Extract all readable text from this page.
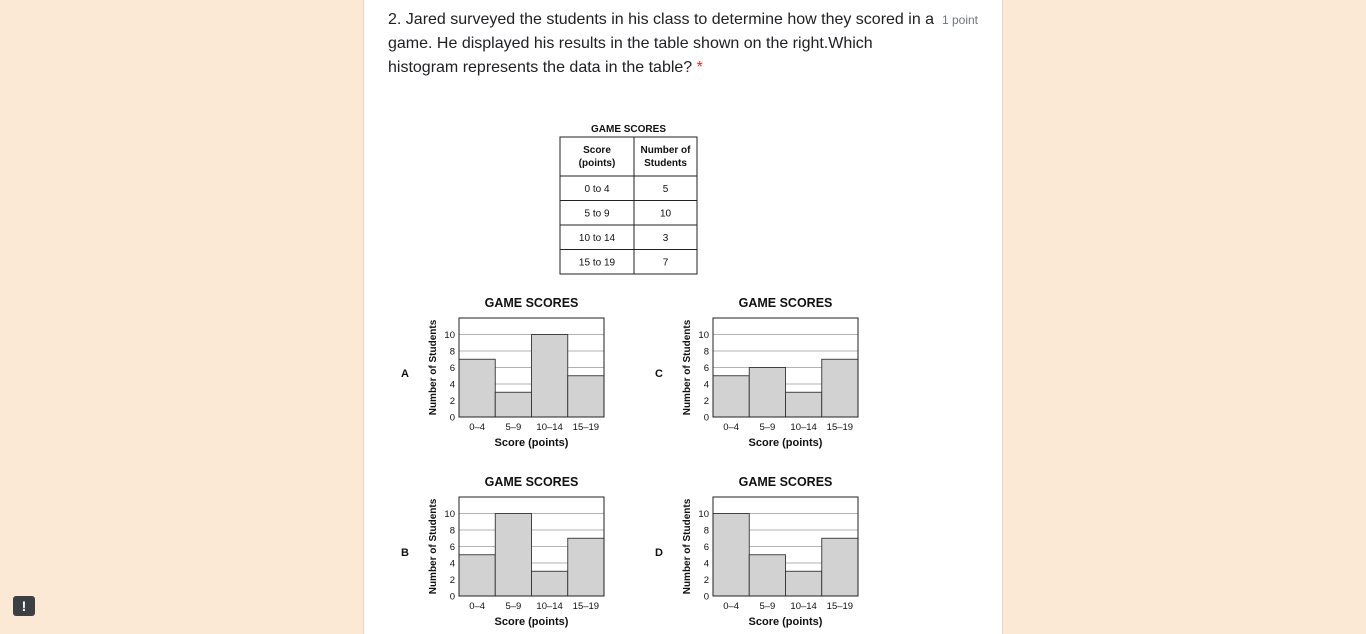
2. Jared surveyed the students in his class to determine how they scored in a game. He displayed his results in the table shown on the right.Which histogram represents the data in the table? *
1 point
GAME SCORES
Score
(points)
Number of
Students
0 to 4	5
5 to 9	10
10 to 14	3
15 to 19	7
GAME SCORES
A
0
2
4
6
8
10
0–4 5–9 10–14 15–19
Score (points)
Number of Students
GAME SCORES
C
0
2
4
6
8
10
0–4 5–9 10–14 15–19
Score (points)
Number of Students
GAME SCORES
B
0
2
4
6
8
10
0–4 5–9 10–14 15–19
Score (points)
Number of Students
GAME SCORES
D
0
2
4
6
8
10
0–4 5–9 10–14 15–19
Score (points)
Number of Students
!
